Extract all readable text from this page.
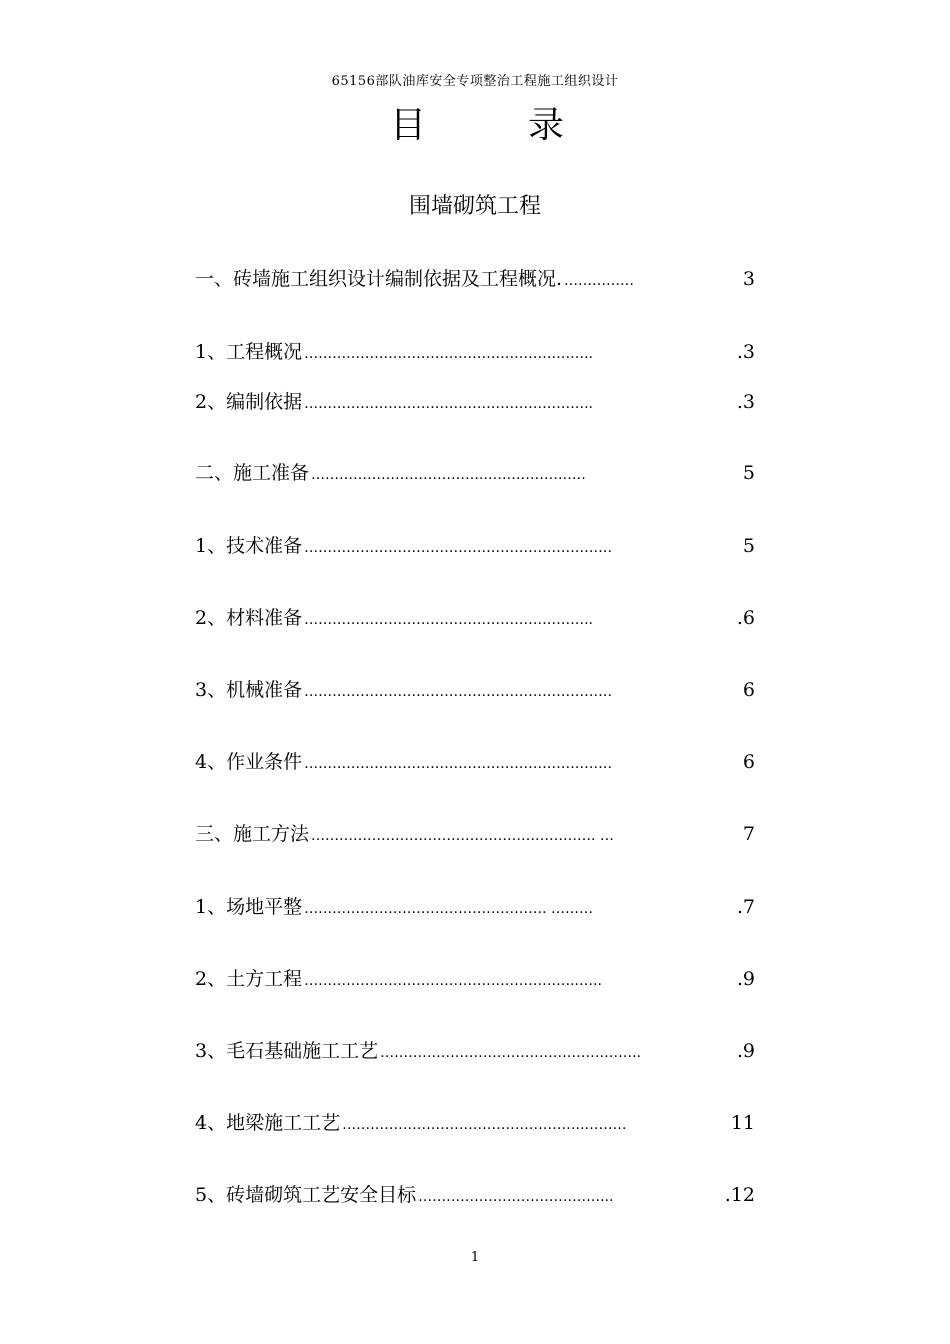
65156部队油库安全专项整治工程施工组织设计
目	录
围墙砌筑工程
一、砖墙施工组织设计编制依据及工程概况. ……………	3
1、工程概况 ……………………………………………………..	.3
2、编制依据 ……………………………………………………..	.3
二、施工准备 ………………………………..…………………	5
1、技术准备 …………………………………………………………	5
2、材料准备 ……………………………………………………..	.6
3、机械准备 …………………………………………………………	6
4、作业条件 …………………………………………………………	6
三、施工方法 ……………………………………………………. …	7
1、场地平整 ……………………………………………. ………	.7
2、土方工程 …………………………………………………..…..	.9
3、毛石基础施工工艺 ………………………………………………..	.9
4、地梁施工工艺 …………………………………………….………	11
5、砖墙砌筑工艺安全目标 …………………………………...	.12
1
